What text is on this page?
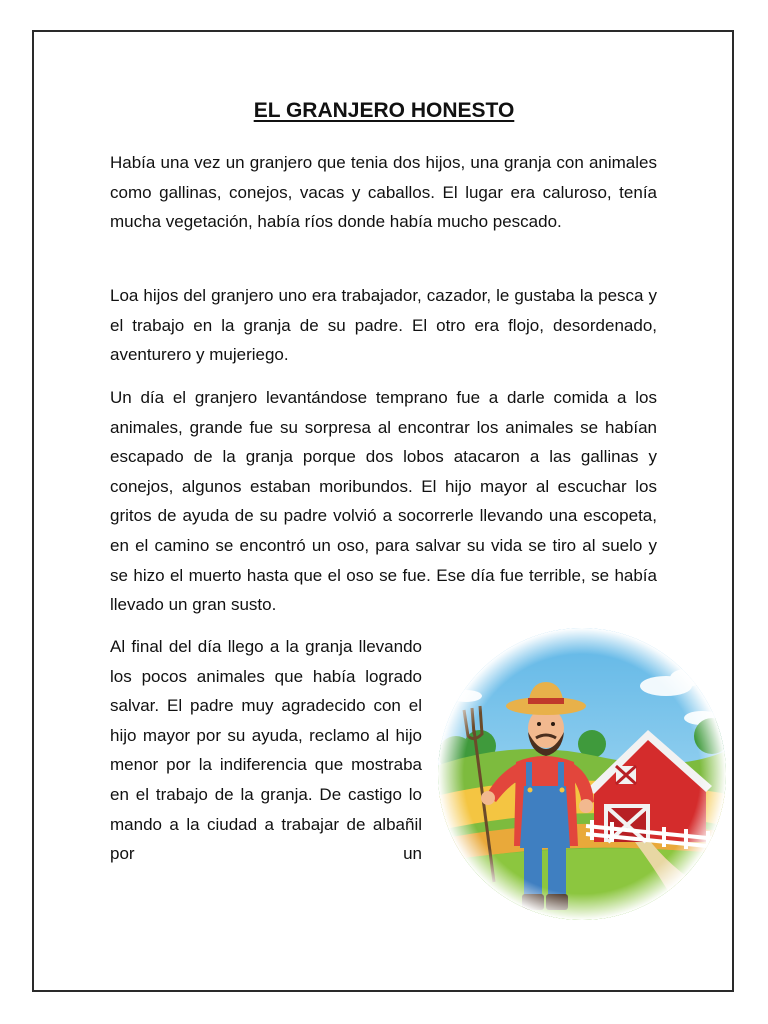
EL GRANJERO HONESTO

Había una vez un granjero que tenia dos hijos, una granja con animales como gallinas, conejos, vacas y caballos. El lugar era caluroso, tenía mucha vegetación, había ríos donde había mucho pescado.

Loa hijos del granjero uno era trabajador, cazador, le gustaba la pesca y el trabajo en la granja de su padre. El otro era flojo, desordenado, aventurero y mujeriego.

Un día el granjero levantándose temprano fue a darle comida a los animales, grande fue su sorpresa al encontrar los animales se habían escapado de la granja porque dos lobos atacaron a las gallinas y conejos, algunos estaban moribundos. El hijo mayor al escuchar los gritos de ayuda de su padre volvió a socorrerle llevando una escopeta, en el camino se encontró un oso, para salvar su vida se tiro al suelo y se hizo el muerto hasta que el oso se fue. Ese día fue terrible, se había llevado un gran susto.

Al final del día llego a la granja llevando los pocos animales que había logrado salvar. El padre muy agradecido con el hijo mayor por su ayuda, reclamo al hijo menor por la indiferencia que mostraba en el trabajo de la granja. De castigo lo mando a la ciudad a trabajar de albañil por un
